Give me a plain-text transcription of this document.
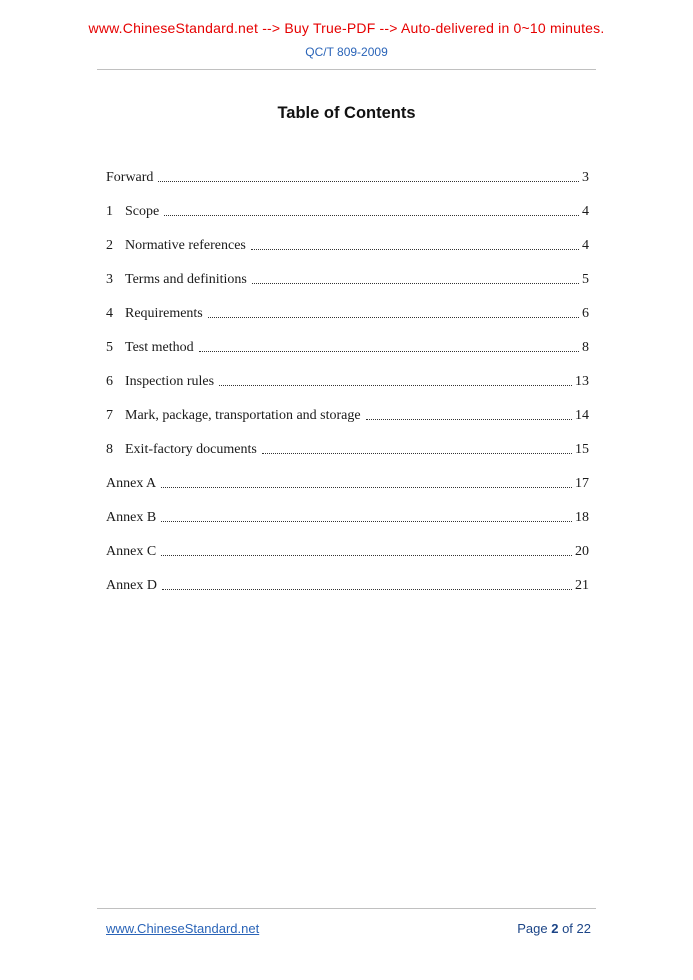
www.ChineseStandard.net --> Buy True-PDF --> Auto-delivered in 0~10 minutes.
QC/T 809-2009
Table of Contents
Forward	3
1 Scope	4
2 Normative references	4
3 Terms and definitions	5
4 Requirements	6
5 Test method	8
6 Inspection rules	13
7 Mark, package, transportation and storage	14
8 Exit-factory documents	15
Annex A	17
Annex B	18
Annex C	20
Annex D	21
www.ChineseStandard.net	Page 2 of 22
